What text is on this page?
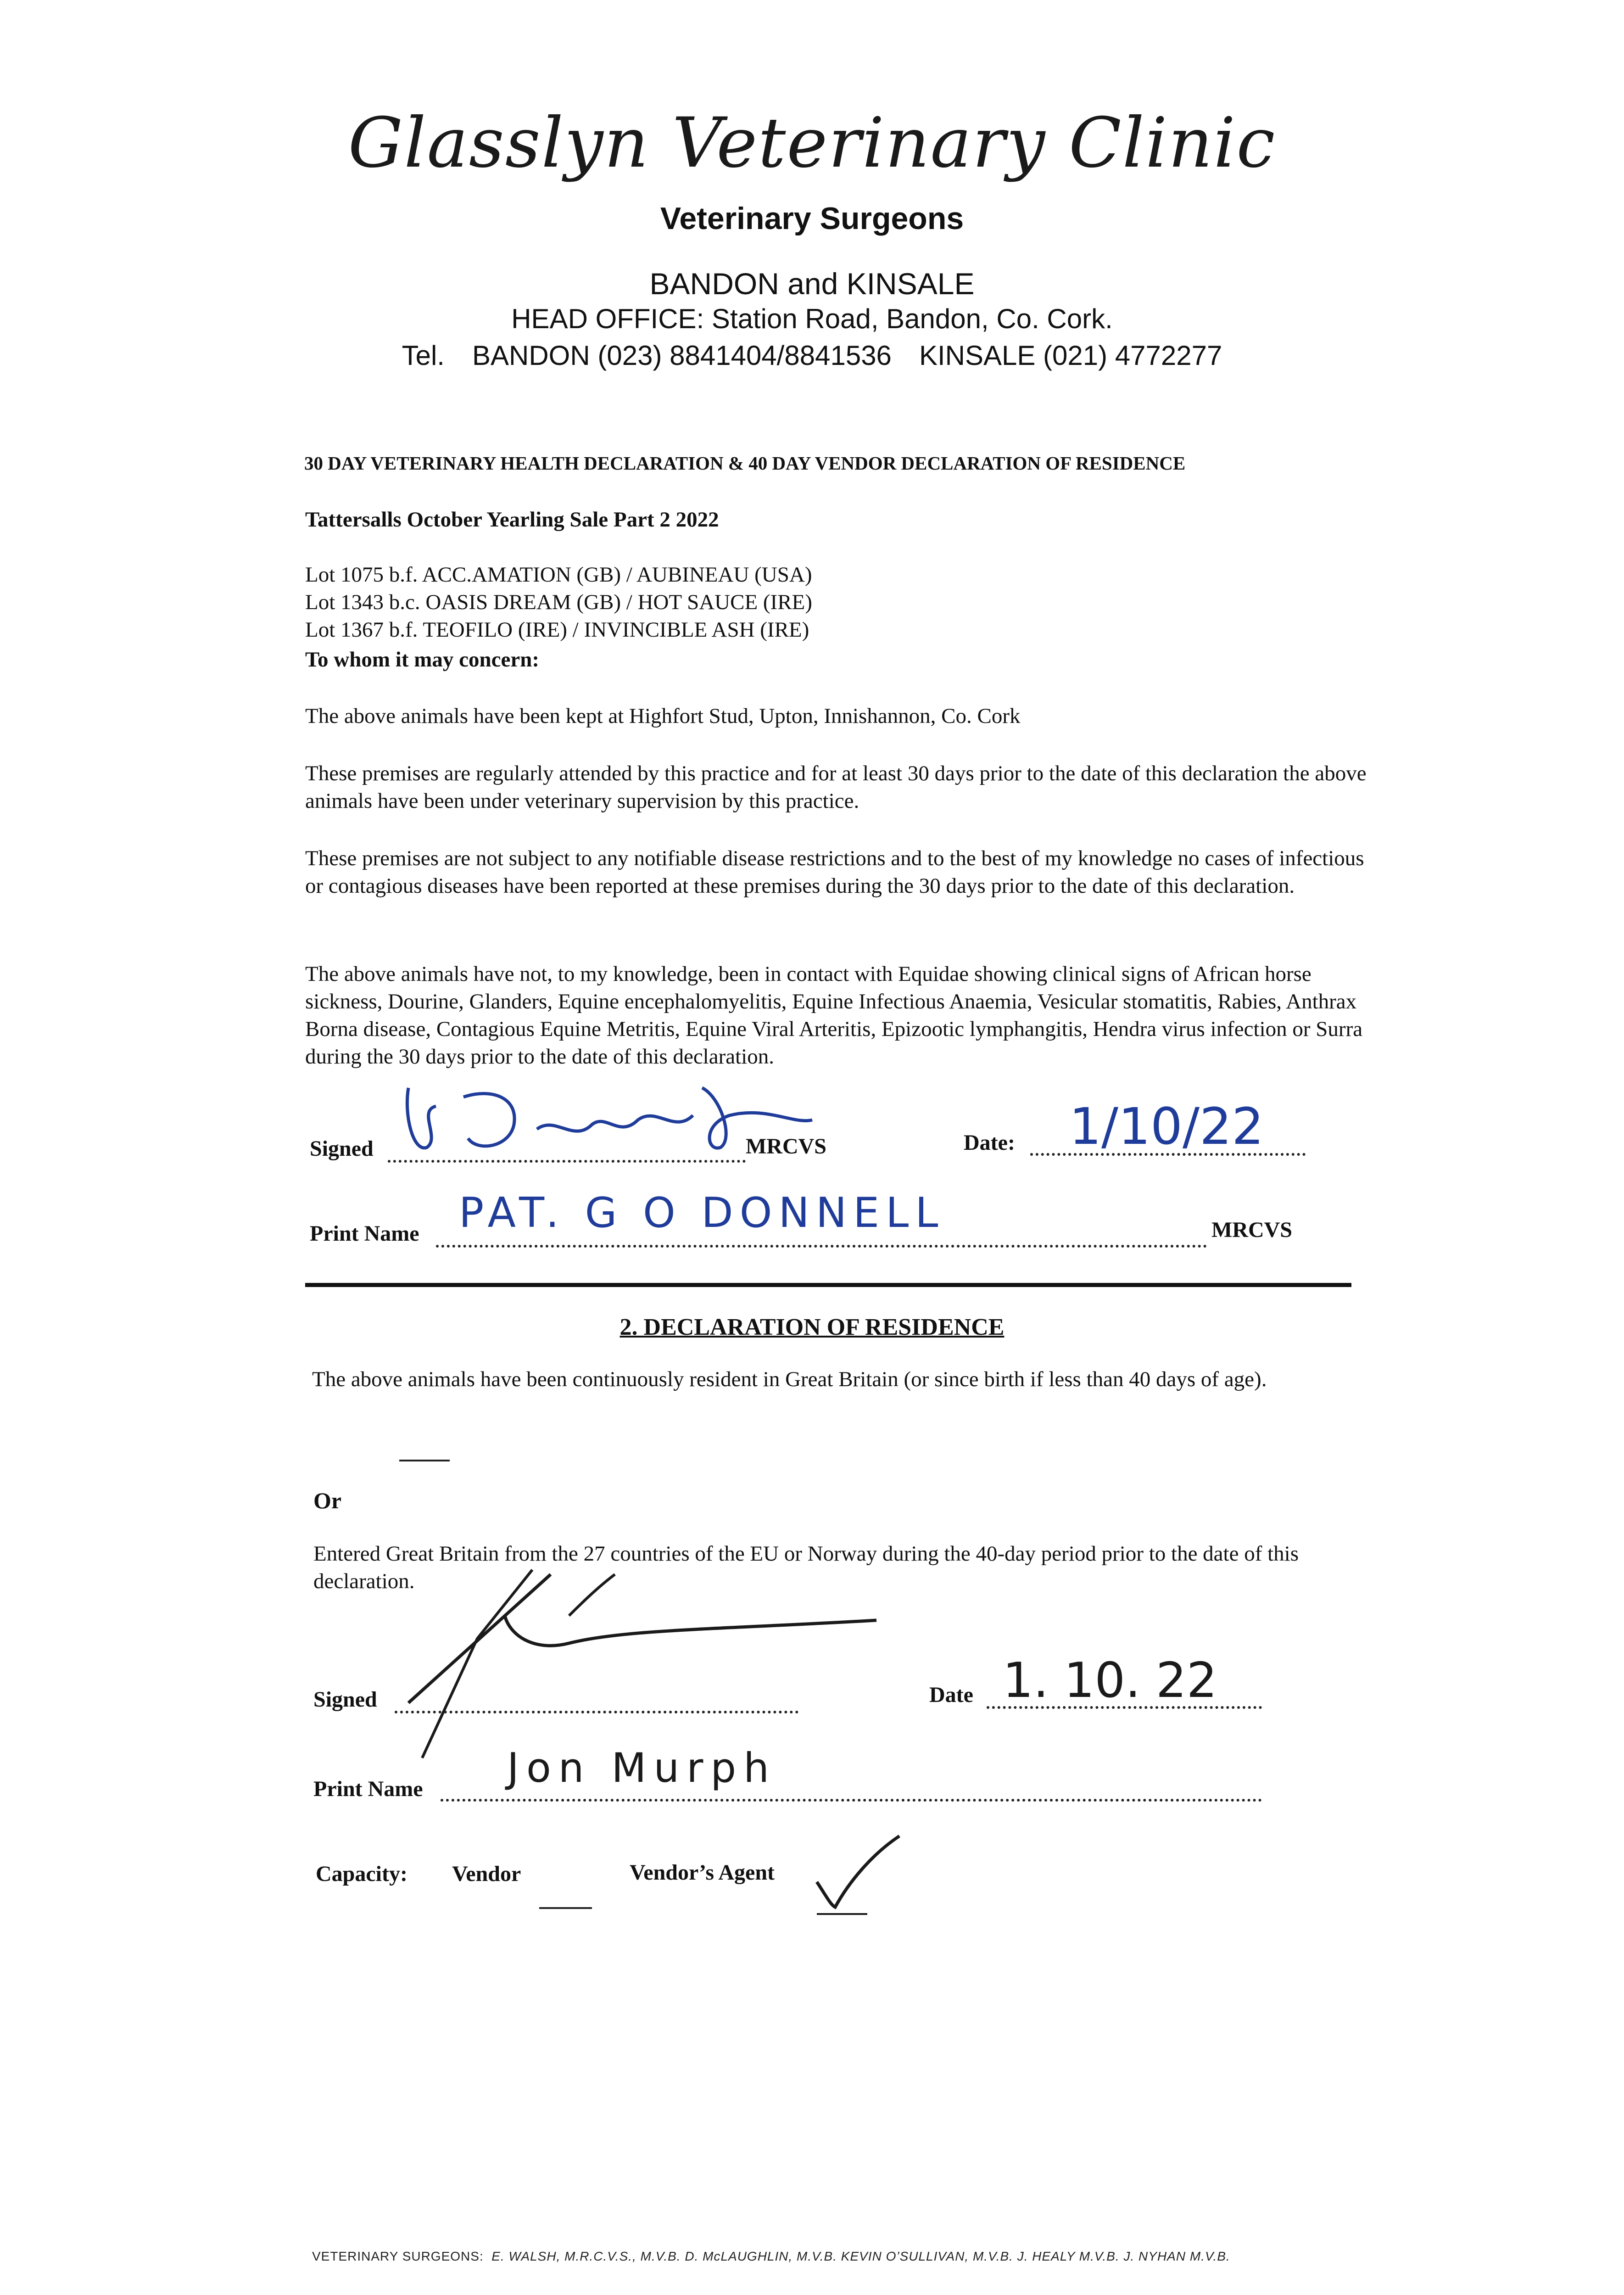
Glasslyn Veterinary Clinic
Veterinary Surgeons
BANDON and KINSALE
HEAD OFFICE: Station Road, Bandon, Co. Cork.
Tel. BANDON (023) 8841404/8841536 KINSALE (021) 4772277
30 DAY VETERINARY HEALTH DECLARATION & 40 DAY VENDOR DECLARATION OF RESIDENCE
Tattersalls October Yearling Sale Part 2 2022
Lot 1075 b.f. ACC.AMATION (GB) / AUBINEAU (USA)
Lot 1343 b.c. OASIS DREAM (GB) / HOT SAUCE (IRE)
Lot 1367 b.f. TEOFILO (IRE) / INVINCIBLE ASH (IRE)
To whom it may concern:
The above animals have been kept at Highfort Stud, Upton, Innishannon, Co. Cork
These premises are regularly attended by this practice and for at least 30 days prior to the date of this declaration the above animals have been under veterinary supervision by this practice.
These premises are not subject to any notifiable disease restrictions and to the best of my knowledge no cases of infectious or contagious diseases have been reported at these premises during the 30 days prior to the date of this declaration.
The above animals have not, to my knowledge, been in contact with Equidae showing clinical signs of African horse sickness, Dourine, Glanders, Equine encephalomyelitis, Equine Infectious Anaemia, Vesicular stomatitis, Rabies, Anthrax Borna disease, Contagious Equine Metritis, Equine Viral Arteritis, Epizootic lymphangitis, Hendra virus infection or Surra during the 30 days prior to the date of this declaration.
Signed	MRCVS	Date: 1/10/22
Print Name	MRCVS
PAT. G O DONNELL
2. DECLARATION OF RESIDENCE
The above animals have been continuously resident in Great Britain (or since birth if less than 40 days of age).
Or
Entered Great Britain from the 27 countries of the EU or Norway during the 40-day period prior to the date of this declaration.
Signed	Date 1. 10. 22
Print Name Jon Murph
Capacity: Vendor	Vendor’s Agent
VETERINARY SURGEONS: E. WALSH, M.R.C.V.S., M.V.B. D. McLAUGHLIN, M.V.B. KEVIN O’SULLIVAN, M.V.B. J. HEALY M.V.B. J. NYHAN M.V.B.
